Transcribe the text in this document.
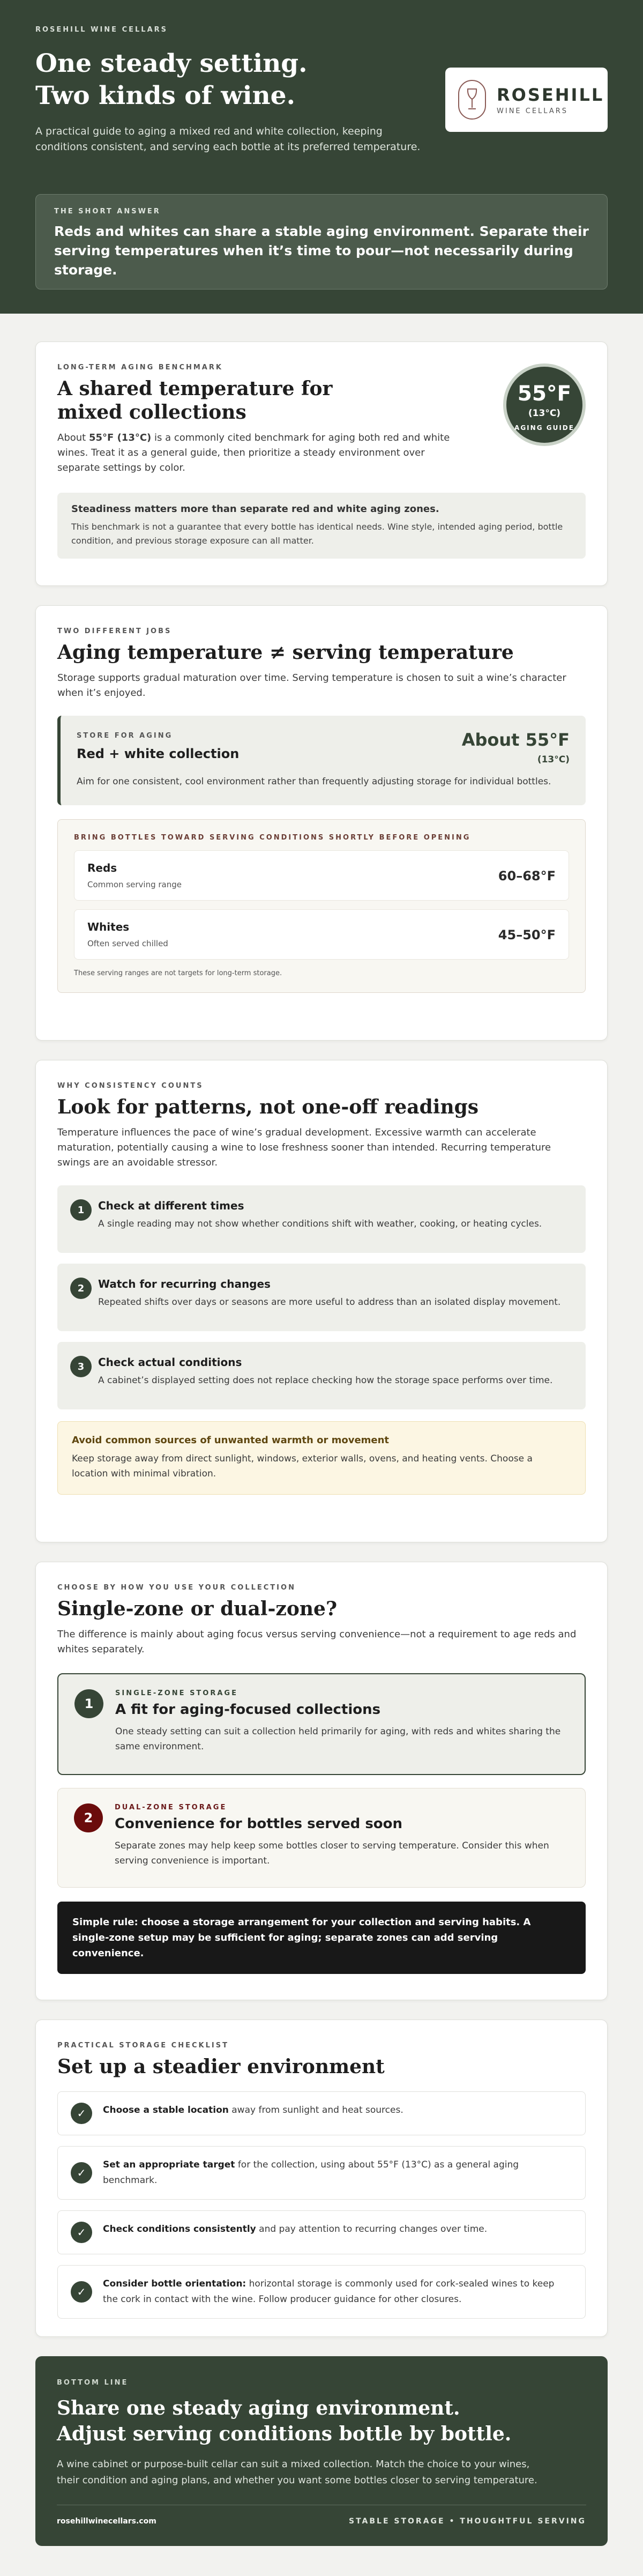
ROSEHILL WINE CELLARS
One steady setting.
Two kinds of wine.

A practical guide to aging a mixed red and white collection, keeping conditions consistent, and serving each bottle at its preferred temperature.

ROSEHILL
WINE CELLARS
THE SHORT ANSWER
Reds and whites can share a stable aging environment. Separate their serving temperatures when it’s time to pour—not necessarily during storage.
LONG-TERM AGING BENCHMARK
A shared temperature for mixed collections

About 55°F (13°C) is a commonly cited benchmark for aging both red and white wines. Treat it as a general guide, then prioritize a steady environment over separate settings by color.

55°F
(13°C)
AGING GUIDE
Steadiness matters more than separate red and white aging zones.
This benchmark is not a guarantee that every bottle has identical needs. Wine style, intended aging period, bottle condition, and previous storage exposure can all matter.
TWO DIFFERENT JOBS
Aging temperature ≠ serving temperature

Storage supports gradual maturation over time. Serving temperature is chosen to suit a wine’s character when it’s enjoyed.

STORE FOR AGING
Red + white collection
About 55°F
(13°C)
Aim for one consistent, cool environment rather than frequently adjusting storage for individual bottles.
BRING BOTTLES TOWARD SERVING CONDITIONS SHORTLY BEFORE OPENING
Reds
Common serving range
60–68°F
Whites
Often served chilled
45–50°F
These serving ranges are not targets for long-term storage.
WHY CONSISTENCY COUNTS
Look for patterns, not one-off readings

Temperature influences the pace of wine’s gradual development. Excessive warmth can accelerate maturation, potentially causing a wine to lose freshness sooner than intended. Recurring temperature swings are an avoidable stressor.

1	Check at different times
A single reading may not show whether conditions shift with weather, cooking, or heating cycles.
2	Watch for recurring changes
Repeated shifts over days or seasons are more useful to address than an isolated display movement.
3	Check actual conditions
A cabinet’s displayed setting does not replace checking how the storage space performs over time.
Avoid common sources of unwanted warmth or movement
Keep storage away from direct sunlight, windows, exterior walls, ovens, and heating vents. Choose a location with minimal vibration.
CHOOSE BY HOW YOU USE YOUR COLLECTION
Single-zone or dual-zone?

The difference is mainly about aging focus versus serving convenience—not a requirement to age reds and whites separately.

1
SINGLE-ZONE STORAGE
A fit for aging-focused collections
One steady setting can suit a collection held primarily for aging, with reds and whites sharing the same environment.
2
DUAL-ZONE STORAGE
Convenience for bottles served soon
Separate zones may help keep some bottles closer to serving temperature. Consider this when serving convenience is important.
Simple rule: choose a storage arrangement for your collection and serving habits. A single-zone setup may be sufficient for aging; separate zones can add serving convenience.
PRACTICAL STORAGE CHECKLIST
Set up a steadier environment
✓	Choose a stable location away from sunlight and heat sources.
✓
Set an appropriate target for the collection, using about 55°F (13°C) as a general aging benchmark.
✓	Check conditions consistently and pay attention to recurring changes over time.
✓
Consider bottle orientation: horizontal storage is commonly used for cork-sealed wines to keep the cork in contact with the wine. Follow producer guidance for other closures.
BOTTOM LINE
Share one steady aging environment.
Adjust serving conditions bottle by bottle.

A wine cabinet or purpose-built cellar can suit a mixed collection. Match the choice to your wines, their condition and aging plans, and whether you want some bottles closer to serving temperature.

rosehillwinecellars.com	STABLE STORAGE • THOUGHTFUL SERVING
